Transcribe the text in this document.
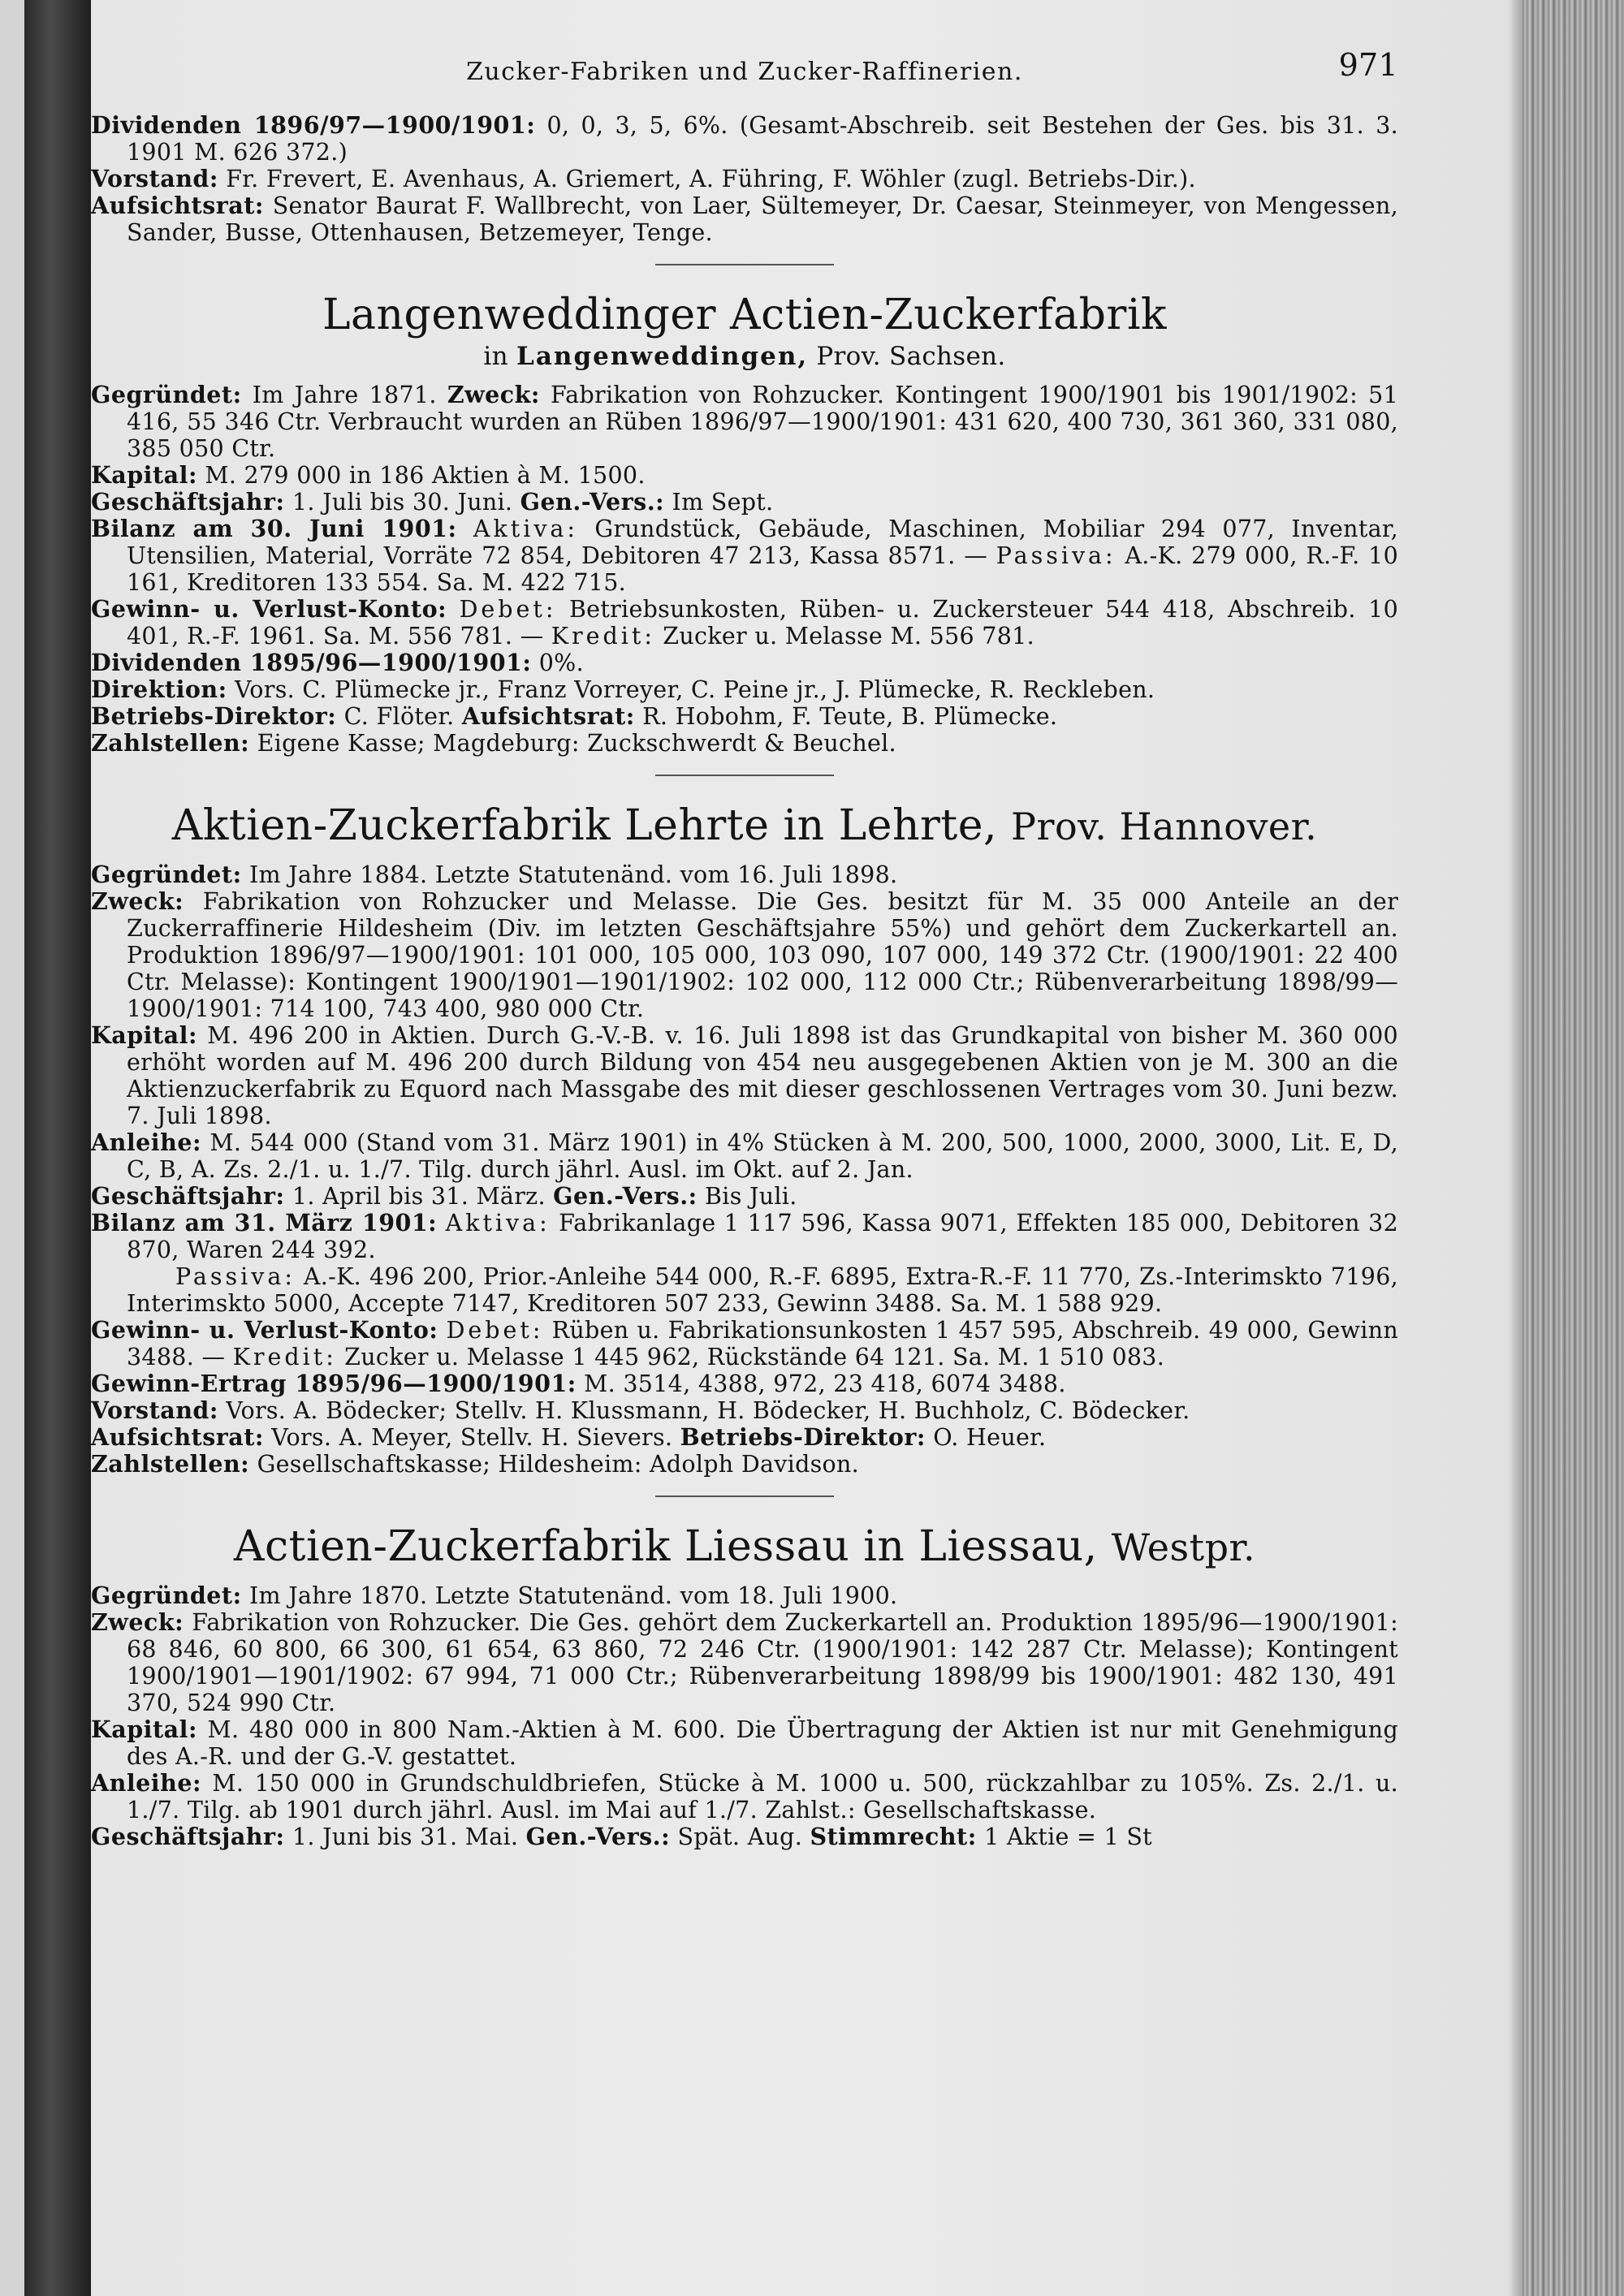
Zucker-Fabriken und Zucker-Raffinerien.	971

Dividenden 1896/97—1900/1901: 0, 0, 3, 5, 6%. (Gesamt-Abschreib. seit Bestehen der Ges. bis 31. 3. 1901 M. 626 372.)

Vorstand: Fr. Frevert, E. Avenhaus, A. Griemert, A. Führing, F. Wöhler (zugl. Betriebs-Dir.).

Aufsichtsrat: Senator Baurat F. Wallbrecht, von Laer, Sültemeyer, Dr. Caesar, Steinmeyer, von Mengessen, Sander, Busse, Ottenhausen, Betzemeyer, Tenge.

Langenweddinger Actien-Zuckerfabrik
in Langenweddingen, Prov. Sachsen.

Gegründet: Im Jahre 1871. Zweck: Fabrikation von Rohzucker. Kontingent 1900/1901 bis 1901/1902: 51 416, 55 346 Ctr. Verbraucht wurden an Rüben 1896/97—1900/1901: 431 620, 400 730, 361 360, 331 080, 385 050 Ctr.

Kapital: M. 279 000 in 186 Aktien à M. 1500.

Geschäftsjahr: 1. Juli bis 30. Juni. Gen.-Vers.: Im Sept.

Bilanz am 30. Juni 1901: Aktiva: Grundstück, Gebäude, Maschinen, Mobiliar 294 077, Inventar, Utensilien, Material, Vorräte 72 854, Debitoren 47 213, Kassa 8571. — Passiva: A.-K. 279 000, R.-F. 10 161, Kreditoren 133 554. Sa. M. 422 715.

Gewinn- u. Verlust-Konto: Debet: Betriebsunkosten, Rüben- u. Zuckersteuer 544 418, Abschreib. 10 401, R.-F. 1961. Sa. M. 556 781. — Kredit: Zucker u. Melasse M. 556 781.

Dividenden 1895/96—1900/1901: 0%.

Direktion: Vors. C. Plümecke jr., Franz Vorreyer, C. Peine jr., J. Plümecke, R. Reckleben.

Betriebs-Direktor: C. Flöter. Aufsichtsrat: R. Hobohm, F. Teute, B. Plümecke.

Zahlstellen: Eigene Kasse; Magdeburg: Zuckschwerdt & Beuchel.

Aktien-Zuckerfabrik Lehrte in Lehrte, Prov. Hannover.

Gegründet: Im Jahre 1884. Letzte Statutenänd. vom 16. Juli 1898.

Zweck: Fabrikation von Rohzucker und Melasse. Die Ges. besitzt für M. 35 000 Anteile an der Zuckerraffinerie Hildesheim (Div. im letzten Geschäftsjahre 55%) und gehört dem Zuckerkartell an. Produktion 1896/97—1900/1901: 101 000, 105 000, 103 090, 107 000, 149 372 Ctr. (1900/1901: 22 400 Ctr. Melasse): Kontingent 1900/1901—1901/1902: 102 000, 112 000 Ctr.; Rübenverarbeitung 1898/99—1900/1901: 714 100, 743 400, 980 000 Ctr.

Kapital: M. 496 200 in Aktien. Durch G.-V.-B. v. 16. Juli 1898 ist das Grundkapital von bisher M. 360 000 erhöht worden auf M. 496 200 durch Bildung von 454 neu ausgegebenen Aktien von je M. 300 an die Aktienzuckerfabrik zu Equord nach Massgabe des mit dieser geschlossenen Vertrages vom 30. Juni bezw. 7. Juli 1898.

Anleihe: M. 544 000 (Stand vom 31. März 1901) in 4% Stücken à M. 200, 500, 1000, 2000, 3000, Lit. E, D, C, B, A. Zs. 2./1. u. 1./7. Tilg. durch jährl. Ausl. im Okt. auf 2. Jan.

Geschäftsjahr: 1. April bis 31. März. Gen.-Vers.: Bis Juli.

Bilanz am 31. März 1901: Aktiva: Fabrikanlage 1 117 596, Kassa 9071, Effekten 185 000, Debitoren 32 870, Waren 244 392.

Passiva: A.-K. 496 200, Prior.-Anleihe 544 000, R.-F. 6895, Extra-R.-F. 11 770, Zs.-Interimskto 7196, Interimskto 5000, Accepte 7147, Kreditoren 507 233, Gewinn 3488. Sa. M. 1 588 929.

Gewinn- u. Verlust-Konto: Debet: Rüben u. Fabrikationsunkosten 1 457 595, Abschreib. 49 000, Gewinn 3488. — Kredit: Zucker u. Melasse 1 445 962, Rückstände 64 121. Sa. M. 1 510 083.

Gewinn-Ertrag 1895/96—1900/1901: M. 3514, 4388, 972, 23 418, 6074 3488.

Vorstand: Vors. A. Bödecker; Stellv. H. Klussmann, H. Bödecker, H. Buchholz, C. Bödecker.

Aufsichtsrat: Vors. A. Meyer, Stellv. H. Sievers. Betriebs-Direktor: O. Heuer.

Zahlstellen: Gesellschaftskasse; Hildesheim: Adolph Davidson.

Actien-Zuckerfabrik Liessau in Liessau, Westpr.

Gegründet: Im Jahre 1870. Letzte Statutenänd. vom 18. Juli 1900.

Zweck: Fabrikation von Rohzucker. Die Ges. gehört dem Zuckerkartell an. Produktion 1895/96—1900/1901: 68 846, 60 800, 66 300, 61 654, 63 860, 72 246 Ctr. (1900/1901: 142 287 Ctr. Melasse); Kontingent 1900/1901—1901/1902: 67 994, 71 000 Ctr.; Rübenverarbeitung 1898/99 bis 1900/1901: 482 130, 491 370, 524 990 Ctr.

Kapital: M. 480 000 in 800 Nam.-Aktien à M. 600. Die Übertragung der Aktien ist nur mit Genehmigung des A.-R. und der G.-V. gestattet.

Anleihe: M. 150 000 in Grundschuldbriefen, Stücke à M. 1000 u. 500, rückzahlbar zu 105%. Zs. 2./1. u. 1./7. Tilg. ab 1901 durch jährl. Ausl. im Mai auf 1./7. Zahlst.: Gesellschaftskasse.

Geschäftsjahr: 1. Juni bis 31. Mai. Gen.-Vers.: Spät. Aug. Stimmrecht: 1 Aktie = 1 St
